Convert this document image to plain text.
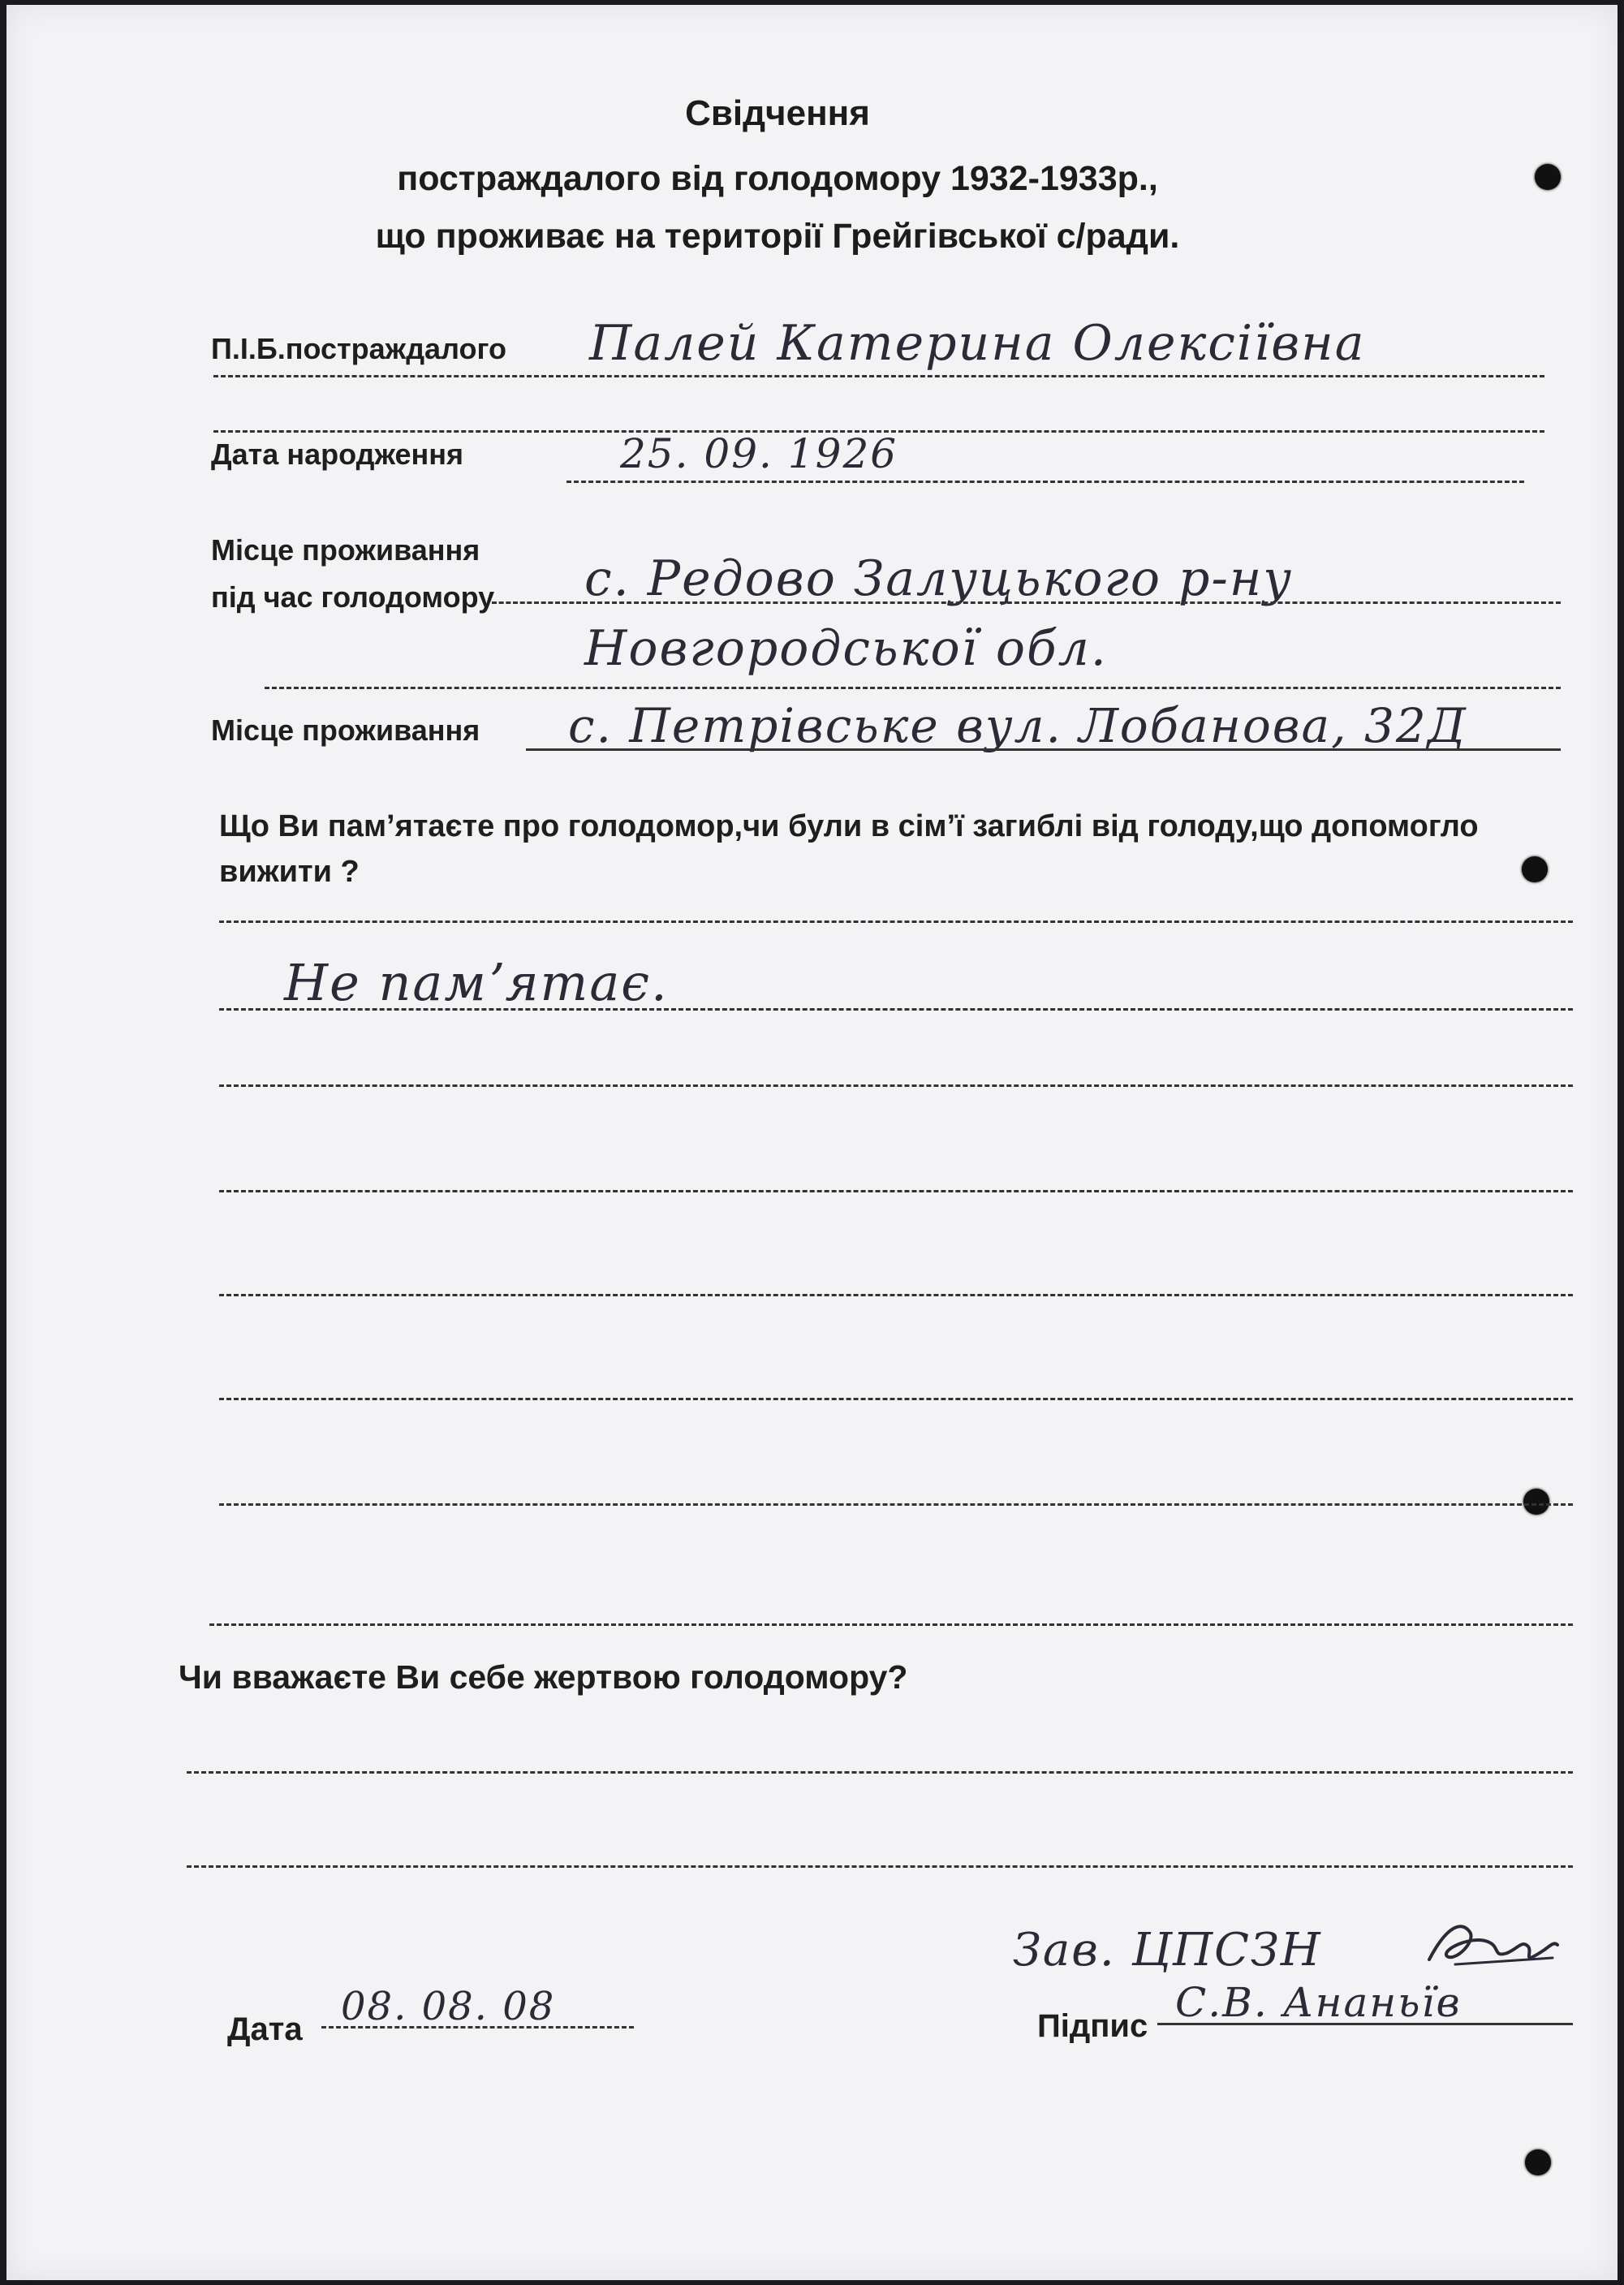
Свідчення
постраждалого від голодомору 1932-1933р.,
що проживає на території Грейгівської с/ради.
П.І.Б.постраждалого Палей Катерина Олексіївна
Дата народження	25. 09. 1926
Місце проживання
під час голодомору с. Редово Залуцького р-ну
Новгородської обл.
Місце проживання с. Петрівське вул. Лобанова, 32Д
Що Ви пам’ятаєте про голодомор,чи були в сім’ї загиблі від голоду,що допомогло
вижити ?
Не памʼятає.
Чи вважаєте Ви себе жертвою голодомору?
Дата 08. 08. 08
Зав. ЦПСЗН
Підпис С.В. Ананьїв
